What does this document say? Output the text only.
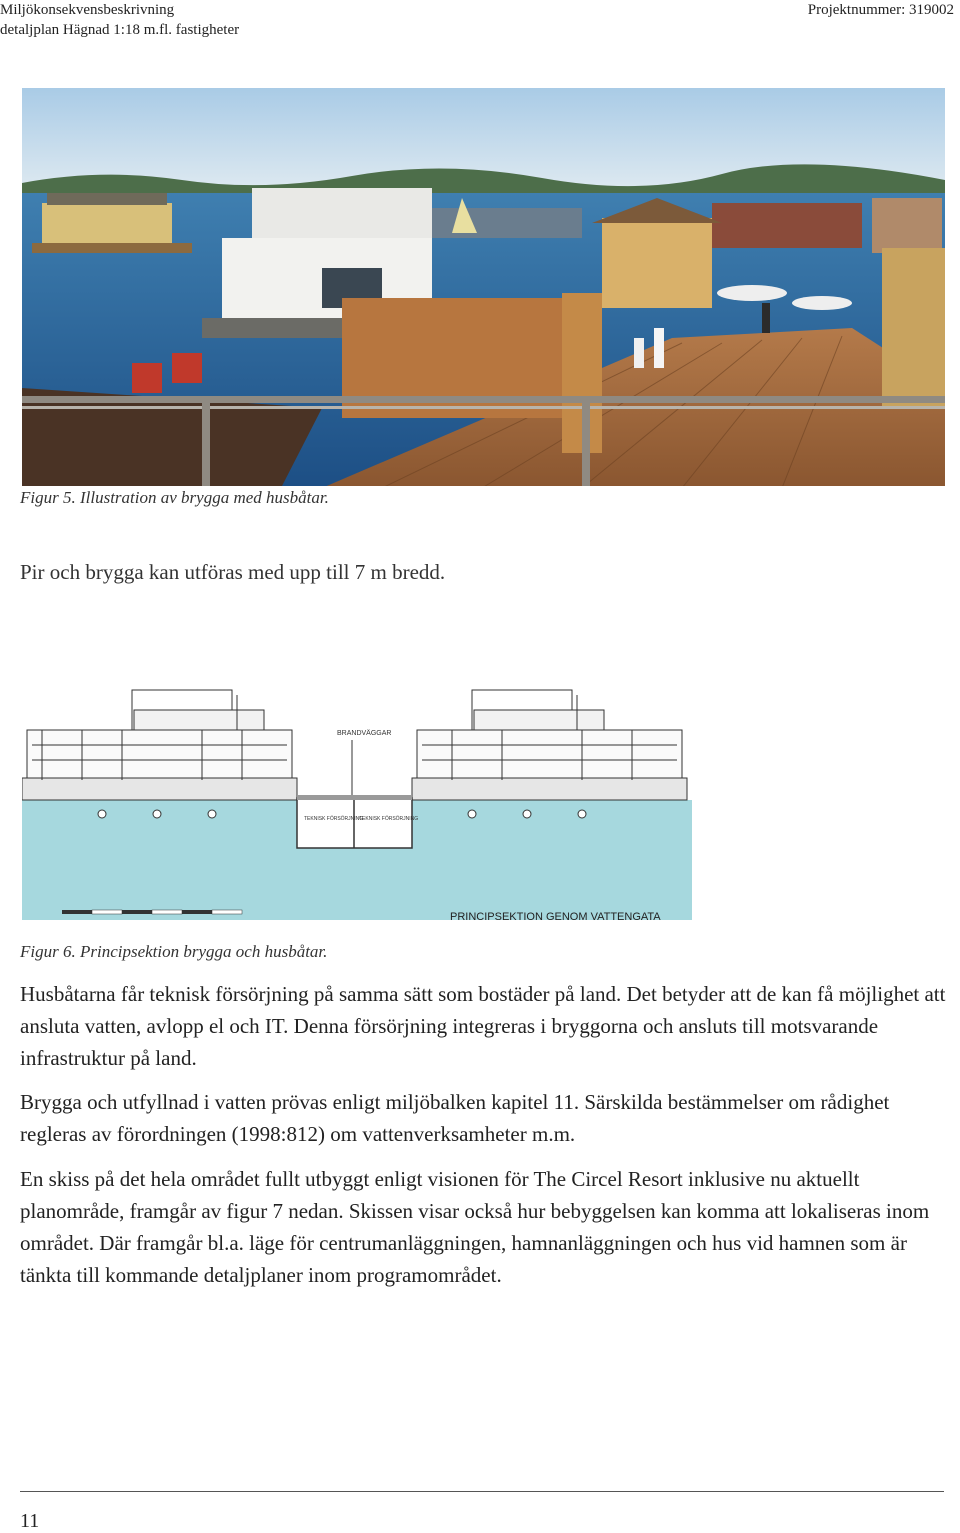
Miljökonsekvensbeskrivning
detaljplan Hägnad 1:18 m.fl. fastigheter
Projektnummer: 319002
Figur 5. Illustration av brygga med husbåtar.
Pir och brygga kan utföras med upp till 7 m bredd.
BRANDVÄGGAR
TEKNISK FÖRSÖRJNING
TEKNISK FÖRSÖRJNING
PRINCIPSEKTION GENOM VATTENGATA
Figur 6. Principsektion brygga och husbåtar.
Husbåtarna får teknisk försörjning på samma sätt som bostäder på land. Det betyder att de kan få möjlighet att ansluta vatten, avlopp el och IT. Denna försörjning integreras i bryggorna och ansluts till motsvarande infrastruktur på land.
Brygga och utfyllnad i vatten prövas enligt miljöbalken kapitel 11. Särskilda bestämmelser om rådighet regleras av förordningen (1998:812) om vattenverksamheter m.m.
En skiss på det hela området fullt utbyggt enligt visionen för The Circel Resort inklusive nu aktuellt planområde, framgår av figur 7 nedan. Skissen visar också hur bebyggelsen kan komma att lokaliseras inom området. Där framgår bl.a. läge för centrumanläggningen, hamnanläggningen och hus vid hamnen som är tänkta till kommande detaljplaner inom programområdet.
11
